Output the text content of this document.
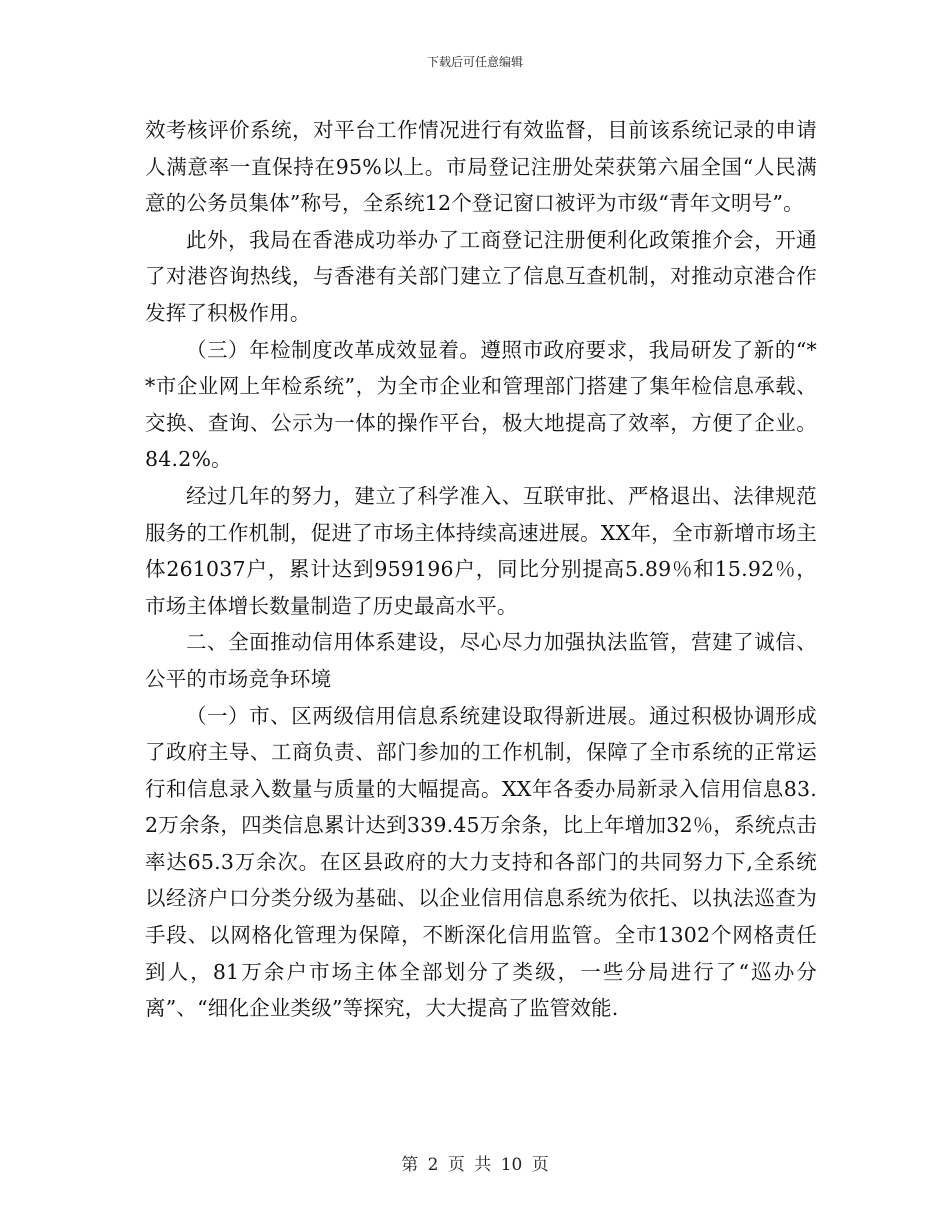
下载后可任意编辑

效考核评价系统，对平台工作情况进行有效监督，目前该系统记录的申请人满意率一直保持在95%以上。市局登记注册处荣获第六届全国“人民满意的公务员集体”称号，全系统12个登记窗口被评为市级“青年文明号”。

此外，我局在香港成功举办了工商登记注册便利化政策推介会，开通了对港咨询热线，与香港有关部门建立了信息互查机制，对推动京港合作发挥了积极作用。

（三）年检制度改革成效显着。遵照市政府要求，我局研发了新的“**市企业网上年检系统”，为全市企业和管理部门搭建了集年检信息承载、交换、查询、公示为一体的操作平台，极大地提高了效率，方便了企业。84.2%。

经过几年的努力，建立了科学准入、互联审批、严格退出、法律规范服务的工作机制，促进了市场主体持续高速进展。XX年，全市新增市场主体261037户，累计达到959196户，同比分别提高5.89％和15.92％，市场主体增长数量制造了历史最高水平。

二、全面推动信用体系建设，尽心尽力加强执法监管，营建了诚信、公平的市场竞争环境

（一）市、区两级信用信息系统建设取得新进展。通过积极协调形成了政府主导、工商负责、部门参加的工作机制，保障了全市系统的正常运行和信息录入数量与质量的大幅提高。XX年各委办局新录入信用信息83.2万余条，四类信息累计达到339.45万余条，比上年增加32％，系统点击率达65.3万余次。在区县政府的大力支持和各部门的共同努力下,全系统以经济户口分类分级为基础、以企业信用信息系统为依托、以执法巡查为手段、以网格化管理为保障，不断深化信用监管。全市1302个网格责任到人，81万余户市场主体全部划分了类级，一些分局进行了“巡办分离”、“细化企业类级”等探究，大大提高了监管效能.

第 2 页 共 10 页
